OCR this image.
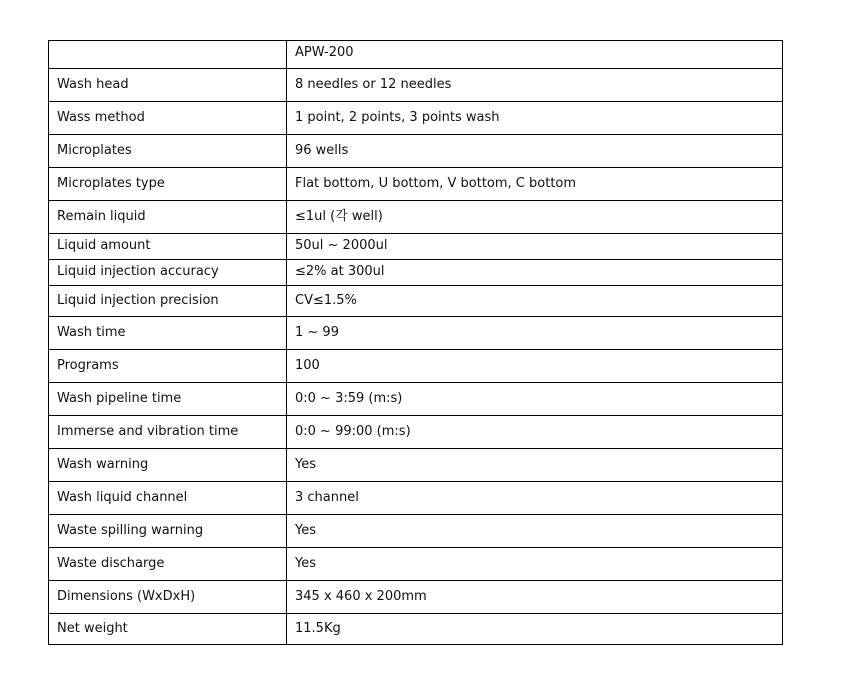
	APW-200
Wash head	8 needles or 12 needles
Wass method	1 point, 2 points, 3 points wash
Microplates	96 wells
Microplates type	Flat bottom, U bottom, V bottom, C bottom
Remain liquid	≤1ul (각 well)
Liquid amount	50ul ~ 2000ul
Liquid injection accuracy	≤2% at 300ul
Liquid injection precision	CV≤1.5%
Wash time	1 ~ 99
Programs	100
Wash pipeline time	0:0 ~ 3:59 (m:s)
Immerse and vibration time	0:0 ~ 99:00 (m:s)
Wash warning	Yes
Wash liquid channel	3 channel
Waste spilling warning	Yes
Waste discharge	Yes
Dimensions (WxDxH)	345 x 460 x 200mm
Net weight	11.5Kg
